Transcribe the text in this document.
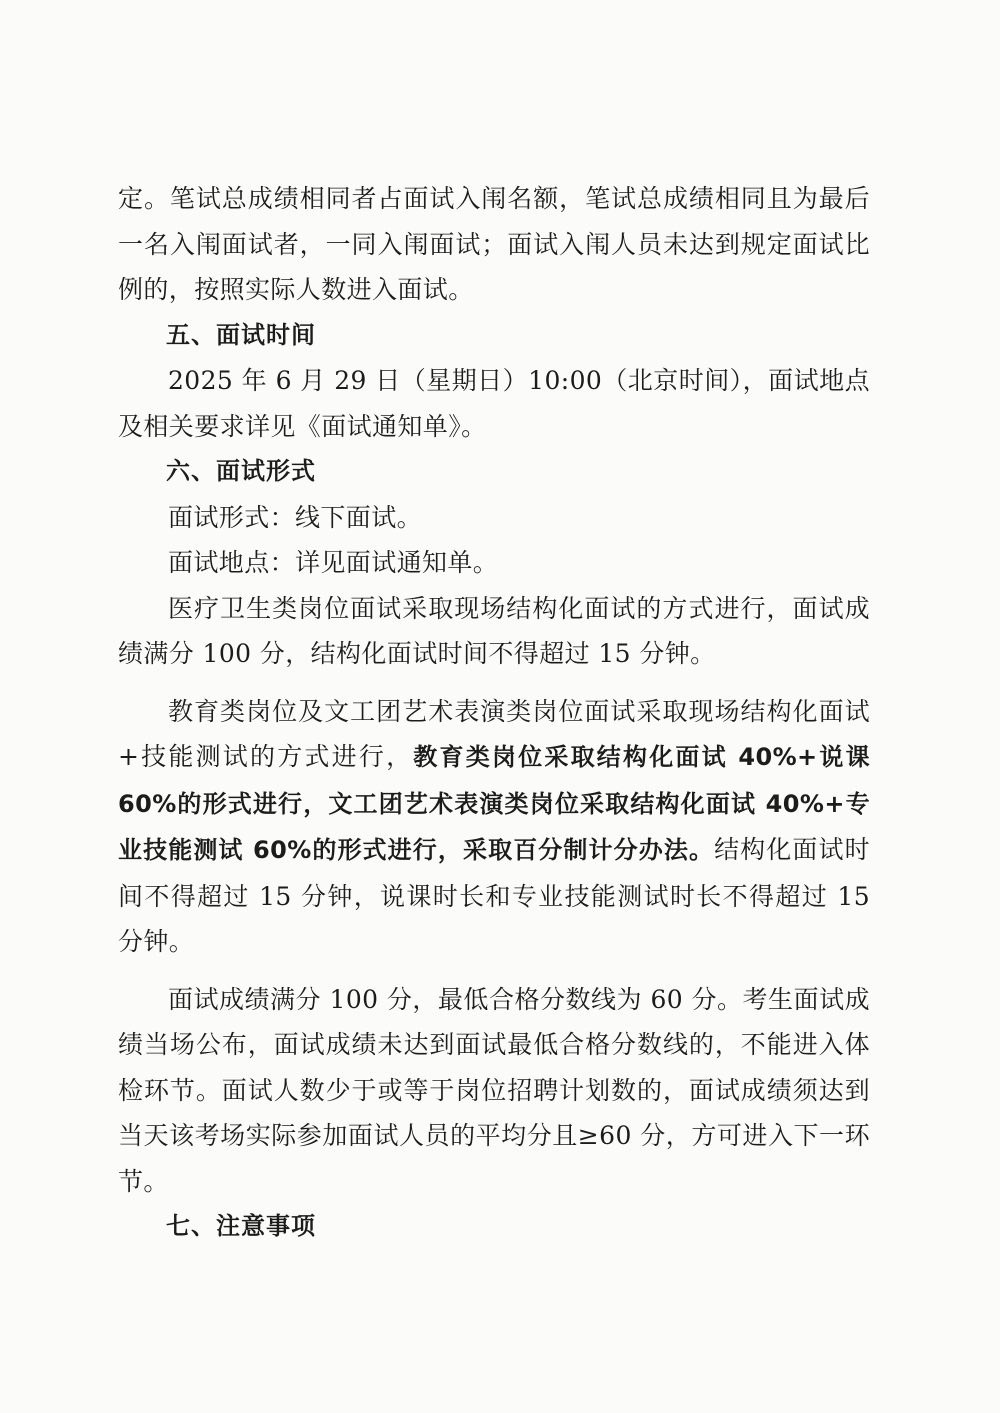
定。笔试总成绩相同者占面试入闱名额，笔试总成绩相同且为最后一名入闱面试者，一同入闱面试；面试入闱人员未达到规定面试比例的，按照实际人数进入面试。

五、面试时间

2025 年 6 月 29 日（星期日）10:00（北京时间），面试地点及相关要求详见《面试通知单》。

六、面试形式

面试形式：线下面试。

面试地点：详见面试通知单。

医疗卫生类岗位面试采取现场结构化面试的方式进行，面试成绩满分 100 分，结构化面试时间不得超过 15 分钟。

教育类岗位及文工团艺术表演类岗位面试采取现场结构化面试+技能测试的方式进行，教育类岗位采取结构化面试 40%+说课 60%的形式进行，文工团艺术表演类岗位采取结构化面试 40%+专业技能测试 60%的形式进行，采取百分制计分办法。结构化面试时间不得超过 15 分钟，说课时长和专业技能测试时长不得超过 15 分钟。

面试成绩满分 100 分，最低合格分数线为 60 分。考生面试成绩当场公布，面试成绩未达到面试最低合格分数线的，不能进入体检环节。面试人数少于或等于岗位招聘计划数的，面试成绩须达到当天该考场实际参加面试人员的平均分且≥60 分，方可进入下一环节。

七、注意事项
